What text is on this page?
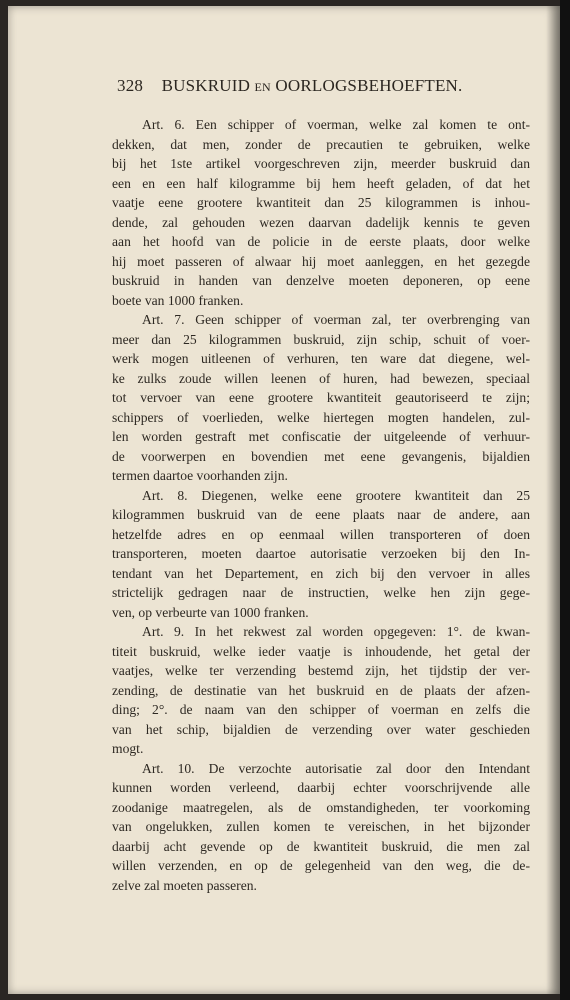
328 BUSKRUID EN OORLOGSBEHOEFTEN.
Art. 6. Een schipper of voerman, welke zal komen te ont-
dekken, dat men, zonder de precautien te gebruiken, welke
bij het 1ste artikel voorgeschreven zijn, meerder buskruid dan
een en een half kilogramme bij hem heeft geladen, of dat het
vaatje eene grootere kwantiteit dan 25 kilogrammen is inhou-
dende, zal gehouden wezen daarvan dadelijk kennis te geven
aan het hoofd van de policie in de eerste plaats, door welke
hij moet passeren of alwaar hij moet aanleggen, en het gezegde
buskruid in handen van denzelve moeten deponeren, op eene
boete van 1000 franken.
Art. 7. Geen schipper of voerman zal, ter overbrenging van
meer dan 25 kilogrammen buskruid, zijn schip, schuit of voer-
werk mogen uitleenen of verhuren, ten ware dat diegene, wel-
ke zulks zoude willen leenen of huren, had bewezen, speciaal
tot vervoer van eene grootere kwantiteit geautoriseerd te zijn;
schippers of voerlieden, welke hiertegen mogten handelen, zul-
len worden gestraft met confiscatie der uitgeleende of verhuur-
de voorwerpen en bovendien met eene gevangenis, bijaldien
termen daartoe voorhanden zijn.
Art. 8. Diegenen, welke eene grootere kwantiteit dan 25
kilogrammen buskruid van de eene plaats naar de andere, aan
hetzelfde adres en op eenmaal willen transporteren of doen
transporteren, moeten daartoe autorisatie verzoeken bij den In-
tendant van het Departement, en zich bij den vervoer in alles
strictelijk gedragen naar de instructien, welke hen zijn gege-
ven, op verbeurte van 1000 franken.
Art. 9. In het rekwest zal worden opgegeven: 1°. de kwan-
titeit buskruid, welke ieder vaatje is inhoudende, het getal der
vaatjes, welke ter verzending bestemd zijn, het tijdstip der ver-
zending, de destinatie van het buskruid en de plaats der afzen-
ding; 2°. de naam van den schipper of voerman en zelfs die
van het schip, bijaldien de verzending over water geschieden
mogt.
Art. 10. De verzochte autorisatie zal door den Intendant
kunnen worden verleend, daarbij echter voorschrijvende alle
zoodanige maatregelen, als de omstandigheden, ter voorkoming
van ongelukken, zullen komen te vereischen, in het bijzonder
daarbij acht gevende op de kwantiteit buskruid, die men zal
willen verzenden, en op de gelegenheid van den weg, die de-
zelve zal moeten passeren.
